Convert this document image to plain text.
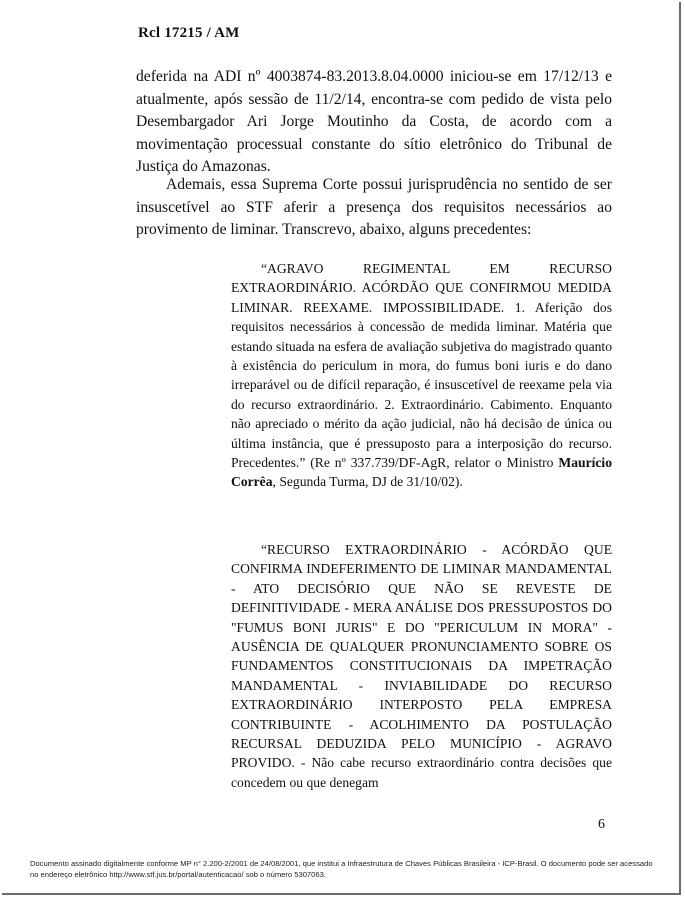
Rcl 17215 / AM

deferida na ADI nº 4003874-83.2013.8.04.0000 iniciou-se em 17/12/13 e atualmente, após sessão de 11/2/14, encontra-se com pedido de vista pelo Desembargador Ari Jorge Moutinho da Costa, de acordo com a movimentação processual constante do sítio eletrônico do Tribunal de Justiça do Amazonas.

Ademais, essa Suprema Corte possui jurisprudência no sentido de ser insuscetível ao STF aferir a presença dos requisitos necessários ao provimento de liminar. Transcrevo, abaixo, alguns precedentes:

“AGRAVO REGIMENTAL EM RECURSO EXTRAORDINÁRIO. ACÓRDÃO QUE CONFIRMOU MEDIDA LIMINAR. REEXAME. IMPOSSIBILIDADE. 1. Aferição dos requisitos necessários à concessão de medida liminar. Matéria que estando situada na esfera de avaliação subjetiva do magistrado quanto à existência do periculum in mora, do fumus boni iuris e do dano irreparável ou de difícil reparação, é insuscetível de reexame pela via do recurso extraordinário. 2. Extraordinário. Cabimento. Enquanto não apreciado o mérito da ação judicial, não há decisão de única ou última instância, que é pressuposto para a interposição do recurso. Precedentes.” (Re nº 337.739/DF-AgR, relator o Ministro Maurício Corrêa, Segunda Turma, DJ de 31/10/02).

“RECURSO EXTRAORDINÁRIO - ACÓRDÃO QUE CONFIRMA INDEFERIMENTO DE LIMINAR MANDAMENTAL - ATO DECISÓRIO QUE NÃO SE REVESTE DE DEFINITIVIDADE - MERA ANÁLISE DOS PRESSUPOSTOS DO "FUMUS BONI JURIS" E DO "PERICULUM IN MORA" - AUSÊNCIA DE QUALQUER PRONUNCIAMENTO SOBRE OS FUNDAMENTOS CONSTITUCIONAIS DA IMPETRAÇÃO MANDAMENTAL - INVIABILIDADE DO RECURSO EXTRAORDINÁRIO INTERPOSTO PELA EMPRESA CONTRIBUINTE - ACOLHIMENTO DA POSTULAÇÃO RECURSAL DEDUZIDA PELO MUNICÍPIO - AGRAVO PROVIDO. - Não cabe recurso extraordinário contra decisões que concedem ou que denegam

6
Documento assinado digitalmente conforme MP n° 2.200-2/2001 de 24/08/2001, que institui a Infraestrutura de Chaves Públicas Brasileira - ICP-Brasil. O documento pode ser acessado no endereço eletrônico http://www.stf.jus.br/portal/autenticacao/ sob o número 5307063.
